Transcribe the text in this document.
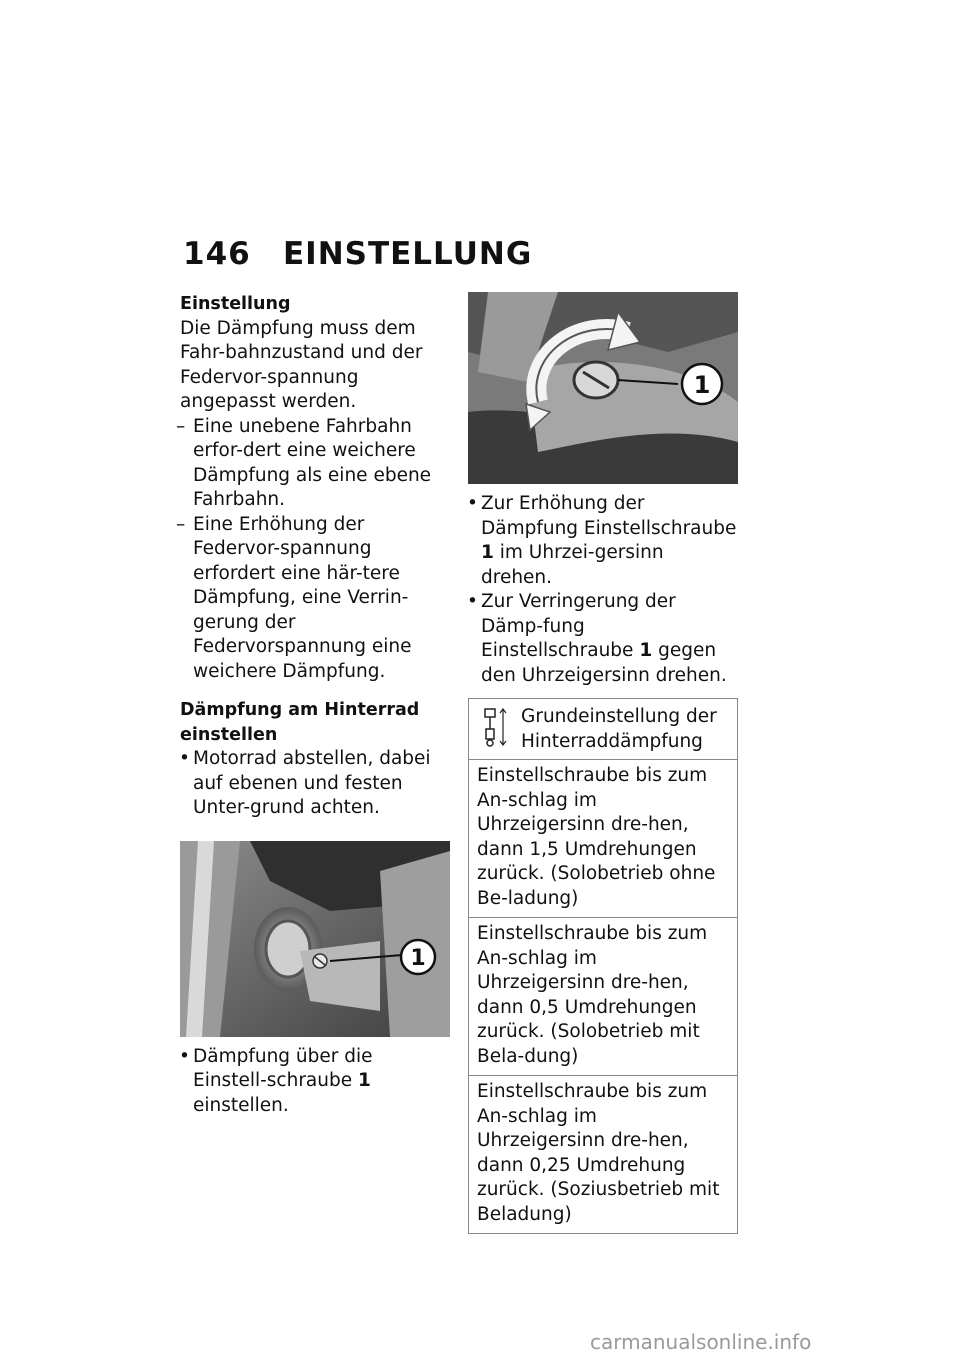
146 EINSTELLUNG

Einstellung

Die Dämpfung muss dem Fahr-bahnzustand und der Federvor-spannung angepasst werden.

– Eine unebene Fahrbahn erfor-dert eine weichere Dämpfung als eine ebene Fahrbahn.

– Eine Erhöhung der Federvor-spannung erfordert eine här-tere Dämpfung, eine Verrin-gerung der Federvorspannung eine weichere Dämpfung.

Dämpfung am Hinterrad einstellen

• Motorrad abstellen, dabei auf ebenen und festen Unter-grund achten.

1

• Dämpfung über die Einstell-schraube 1 einstellen.

1

• Zur Erhöhung der Dämpfung Einstellschraube 1 im Uhrzei-gersinn drehen.

• Zur Verringerung der Dämp-fung Einstellschraube 1 gegen den Uhrzeigersinn drehen.

Grundeinstellung der Hinterraddämpfung
Einstellschraube bis zum An-schlag im Uhrzeigersinn dre-hen, dann 1,5 Umdrehungen zurück. (Solobetrieb ohne Be-ladung)
Einstellschraube bis zum An-schlag im Uhrzeigersinn dre-hen, dann 0,5 Umdrehungen zurück. (Solobetrieb mit Bela-dung)
Einstellschraube bis zum An-schlag im Uhrzeigersinn dre-hen, dann 0,25 Umdrehung zurück. (Soziusbetrieb mit Beladung)
carmanualsonline.info
